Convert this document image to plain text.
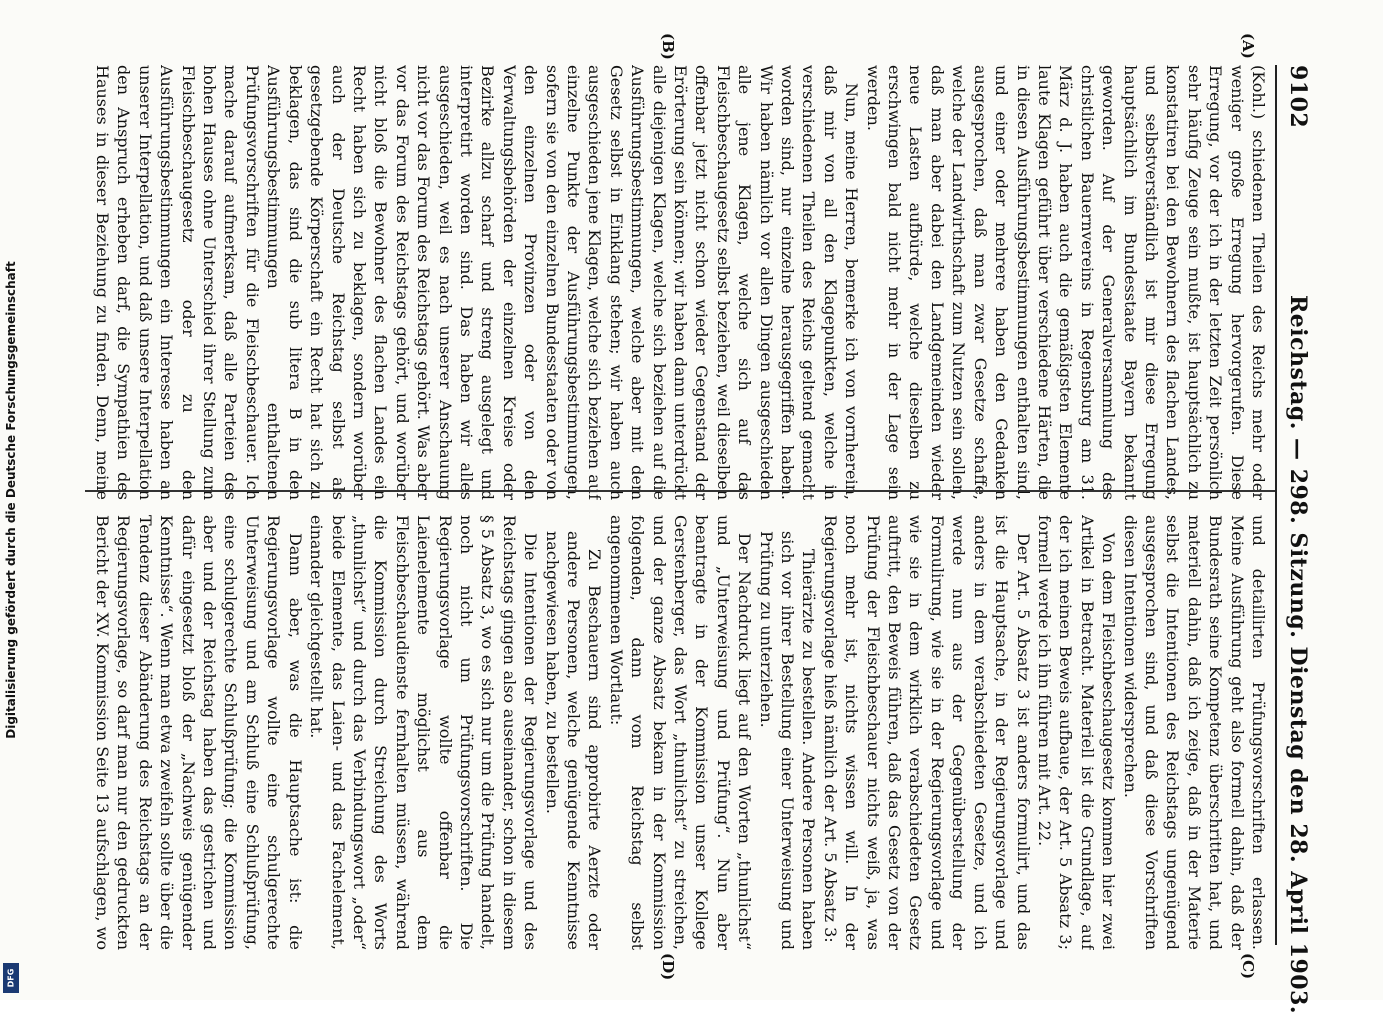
9102
Reichstag. — 298. Sitzung. Dienstag den 28. April 1903.
(A)
(B)
(C)
(D)

(Kohl.) schiedenen Theilen des Reichs mehr oder weniger große Erregung hervorgerufen. Diese Erregung, vor der ich in der letzten Zeit persönlich sehr häufig Zeuge sein mußte, ist hauptsächlich zu konstatiren bei den Bewohnern des flachen Landes, und selbstverständlich ist mir diese Erregung hauptsächlich im Bundesstaate Bayern bekannt geworden. Auf der Generalversammlung des christlichen Bauernvereins in Regensburg am 31. März d. J. haben auch die gemäßigsten Elemente laute Klagen geführt über verschiedene Härten, die in diesen Ausführungsbestimmungen enthalten sind, und einer oder mehrere haben den Gedanken ausgesprochen, daß man zwar Gesetze schaffe, welche der Landwirthschaft zum Nutzen sein sollen, daß man aber dabei den Landgemeinden wieder neue Lasten aufbürde, welche dieselben zu erschwingen bald nicht mehr in der Lage sein werden.

Nun, meine Herren, bemerke ich von vornherein, daß mir von all den Klagepunkten, welche in verschiedenen Theilen des Reichs geltend gemacht worden sind, nur einzelne herausgegriffen haben. Wir haben nämlich vor allen Dingen ausgeschieden alle jene Klagen, welche sich auf das Fleischbeschaugesetz selbst beziehen, weil dieselben offenbar jetzt nicht schon wieder Gegenstand der Erörterung sein können; wir haben dann unterdrückt alle diejenigen Klagen, welche sich beziehen auf die Ausführungsbestimmungen, welche aber mit dem Gesetz selbst in Einklang stehen; wir haben auch ausgeschieden jene Klagen, welche sich beziehen auf einzelne Punkte der Ausführungsbestimmungen, sofern sie von den einzelnen Bundesstaaten oder von den einzelnen Provinzen oder von den Verwaltungsbehörden der einzelnen Kreise oder Bezirke allzu scharf und streng ausgelegt und interpretirt worden sind. Das haben wir alles ausgeschieden, weil es nach unserer Anschauung nicht vor das Forum des Reichstags gehört. Was aber vor das Forum des Reichstags gehört, und worüber nicht bloß die Bewohner des flachen Landes ein Recht haben sich zu beklagen, sondern worüber auch der Deutsche Reichstag selbst als gesetzgebende Körperschaft ein Recht hat sich zu beklagen, das sind die sub litera B in den Ausführungsbestimmungen enthaltenen Prüfungsvorschriften für die Fleischbeschauer. Ich mache darauf aufmerksam, daß alle Parteien des hohen Hauses ohne Unterschied ihrer Stellung zum Fleischbeschaugesetz oder zu den Ausführungsbestimmungen ein Interesse haben an unserer Interpellation, und daß unsere Interpellation den Anspruch erheben darf, die Sympathien des Hauses in dieser Beziehung zu finden. Denn, meine

und detaillirten Prüfungsvorschriften erlassen. Meine Ausführung geht also formell dahin, daß der Bundesrath seine Kompetenz überschritten hat, und materiell dahin, daß ich zeige, daß in der Materie selbst die Intentionen des Reichstags ungenügend ausgesprochen sind, und daß diese Vorschriften diesen Intentionen widersprechen.

Von dem Fleischbeschaugesetz kommen hier zwei Artikel in Betracht. Materiell ist die Grundlage, auf der ich meinen Beweis aufbaue, der Art. 5 Absatz 3; formell werde ich ihn führen mit Art. 22.

Der Art. 5 Absatz 3 ist anders formulirt, und das ist die Hauptsache, in der Regierungsvorlage und anders in dem verabschiedeten Gesetze, und ich werde nun aus der Gegenüberstellung der Formulirung, wie sie in der Regierungsvorlage und wie sie in dem wirklich verabschiedeten Gesetz auftritt, den Beweis führen, daß das Gesetz von der Prüfung der Fleischbeschauer nichts weiß, ja, was noch mehr ist, nichts wissen will. In der Regierungsvorlage hieß nämlich der Art. 5 Absatz 3:

Thierärzte zu bestellen. Andere Personen haben sich vor ihrer Bestellung einer Unterweisung und Prüfung zu unterziehen.

Der Nachdruck liegt auf den Worten „thunlichst“ und „Unterweisung und Prüfung“. Nun aber beantragte in der Kommission unser Kollege Gerstenberger, das Wort „thunlichst“ zu streichen, und der ganze Absatz bekam in der Kommission folgenden, dann vom Reichstag selbst angenommenen Wortlaut:

Zu Beschauern sind approbirte Aerzte oder andere Personen, welche genügende Kenntnisse nachgewiesen haben, zu bestellen.

Die Intentionen der Regierungsvorlage und des Reichstags gingen also auseinander, schon in diesem § 5 Absatz 3, wo es sich nur um die Prüfung handelt, noch nicht um Prüfungsvorschriften. Die Regierungsvorlage wollte offenbar die Laienelemente möglichst aus dem Fleischbeschaudienste fernhalten müssen, während die Kommission durch Streichung des Worts „thunlichst“ und durch das Verbindungswort „oder“ beide Elemente, das Laien- und das Fachelement, einander gleichgestellt hat.

Dann aber, was die Hauptsache ist: die Regierungsvorlage wollte eine schulgerechte Unterweisung und am Schluß eine Schlußprüfung, eine schulgerechte Schlußprüfung; die Kommission aber und der Reichstag haben das gestrichen und dafür eingesetzt bloß der „Nachweis genügender Kenntnisse“. Wenn man etwa zweifeln sollte über die Tendenz dieser Abänderung des Reichstags an der Regierungsvorlage, so darf man nur den gedruckten Bericht der XV. Kommission Seite 13 aufschlagen, wo

Digitalisierung gefördert durch die Deutsche Forschungsgemeinschaft
DFG
